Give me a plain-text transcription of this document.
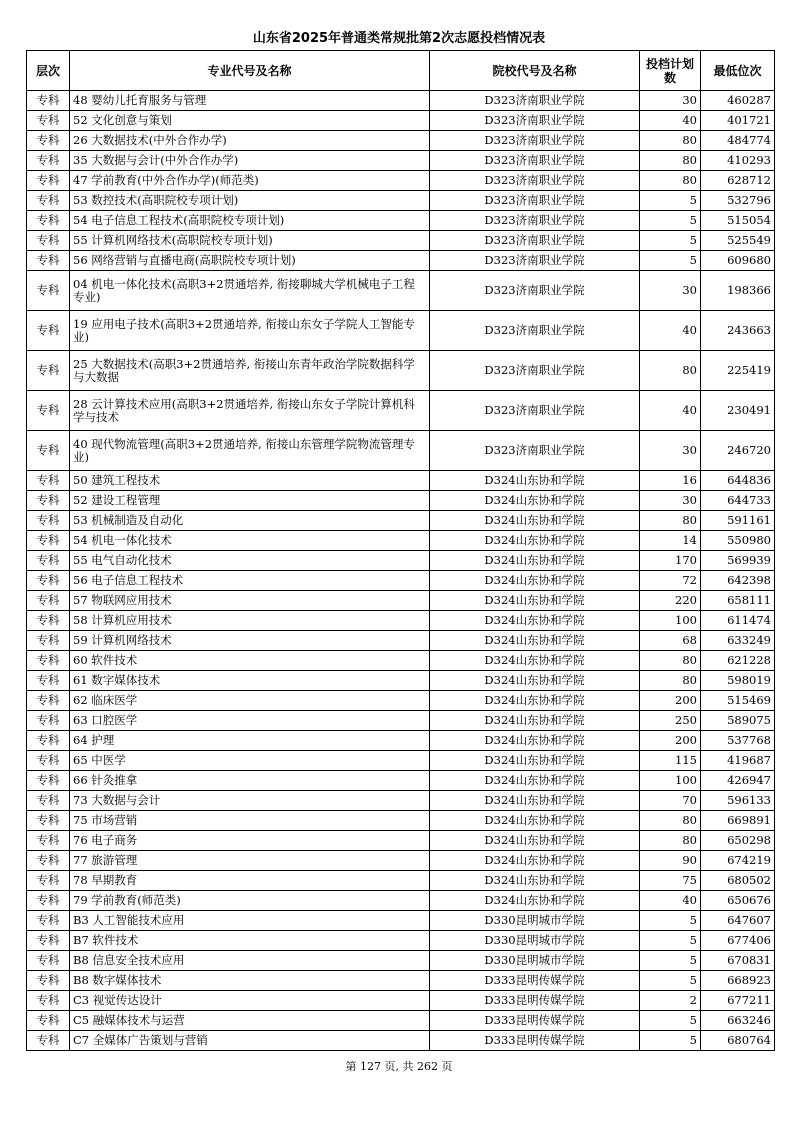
山东省2025年普通类常规批第2次志愿投档情况表
层次	专业代号及名称	院校代号及名称	投档计划数	最低位次
专科	48 婴幼儿托育服务与管理	D323济南职业学院	30	460287
专科	52 文化创意与策划	D323济南职业学院	40	401721
专科	26 大数据技术(中外合作办学)	D323济南职业学院	80	484774
专科	35 大数据与会计(中外合作办学)	D323济南职业学院	80	410293
专科	47 学前教育(中外合作办学)(师范类)	D323济南职业学院	80	628712
专科	53 数控技术(高职院校专项计划)	D323济南职业学院	5	532796
专科	54 电子信息工程技术(高职院校专项计划)	D323济南职业学院	5	515054
专科	55 计算机网络技术(高职院校专项计划)	D323济南职业学院	5	525549
专科	56 网络营销与直播电商(高职院校专项计划)	D323济南职业学院	5	609680
专科	04 机电一体化技术(高职3+2贯通培养, 衔接聊城大学机械电子工程专业)	D323济南职业学院	30	198366
专科	19 应用电子技术(高职3+2贯通培养, 衔接山东女子学院人工智能专业)	D323济南职业学院	40	243663
专科	25 大数据技术(高职3+2贯通培养, 衔接山东青年政治学院数据科学与大数据	D323济南职业学院	80	225419
专科	28 云计算技术应用(高职3+2贯通培养, 衔接山东女子学院计算机科学与技术	D323济南职业学院	40	230491
专科	40 现代物流管理(高职3+2贯通培养, 衔接山东管理学院物流管理专业)	D323济南职业学院	30	246720
专科	50 建筑工程技术	D324山东协和学院	16	644836
专科	52 建设工程管理	D324山东协和学院	30	644733
专科	53 机械制造及自动化	D324山东协和学院	80	591161
专科	54 机电一体化技术	D324山东协和学院	14	550980
专科	55 电气自动化技术	D324山东协和学院	170	569939
专科	56 电子信息工程技术	D324山东协和学院	72	642398
专科	57 物联网应用技术	D324山东协和学院	220	658111
专科	58 计算机应用技术	D324山东协和学院	100	611474
专科	59 计算机网络技术	D324山东协和学院	68	633249
专科	60 软件技术	D324山东协和学院	80	621228
专科	61 数字媒体技术	D324山东协和学院	80	598019
专科	62 临床医学	D324山东协和学院	200	515469
专科	63 口腔医学	D324山东协和学院	250	589075
专科	64 护理	D324山东协和学院	200	537768
专科	65 中医学	D324山东协和学院	115	419687
专科	66 针灸推拿	D324山东协和学院	100	426947
专科	73 大数据与会计	D324山东协和学院	70	596133
专科	75 市场营销	D324山东协和学院	80	669891
专科	76 电子商务	D324山东协和学院	80	650298
专科	77 旅游管理	D324山东协和学院	90	674219
专科	78 早期教育	D324山东协和学院	75	680502
专科	79 学前教育(师范类)	D324山东协和学院	40	650676
专科	B3 人工智能技术应用	D330昆明城市学院	5	647607
专科	B7 软件技术	D330昆明城市学院	5	677406
专科	B8 信息安全技术应用	D330昆明城市学院	5	670831
专科	B8 数字媒体技术	D333昆明传媒学院	5	668923
专科	C3 视觉传达设计	D333昆明传媒学院	2	677211
专科	C5 融媒体技术与运营	D333昆明传媒学院	5	663246
专科	C7 全媒体广告策划与营销	D333昆明传媒学院	5	680764
第 127 页, 共 262 页
